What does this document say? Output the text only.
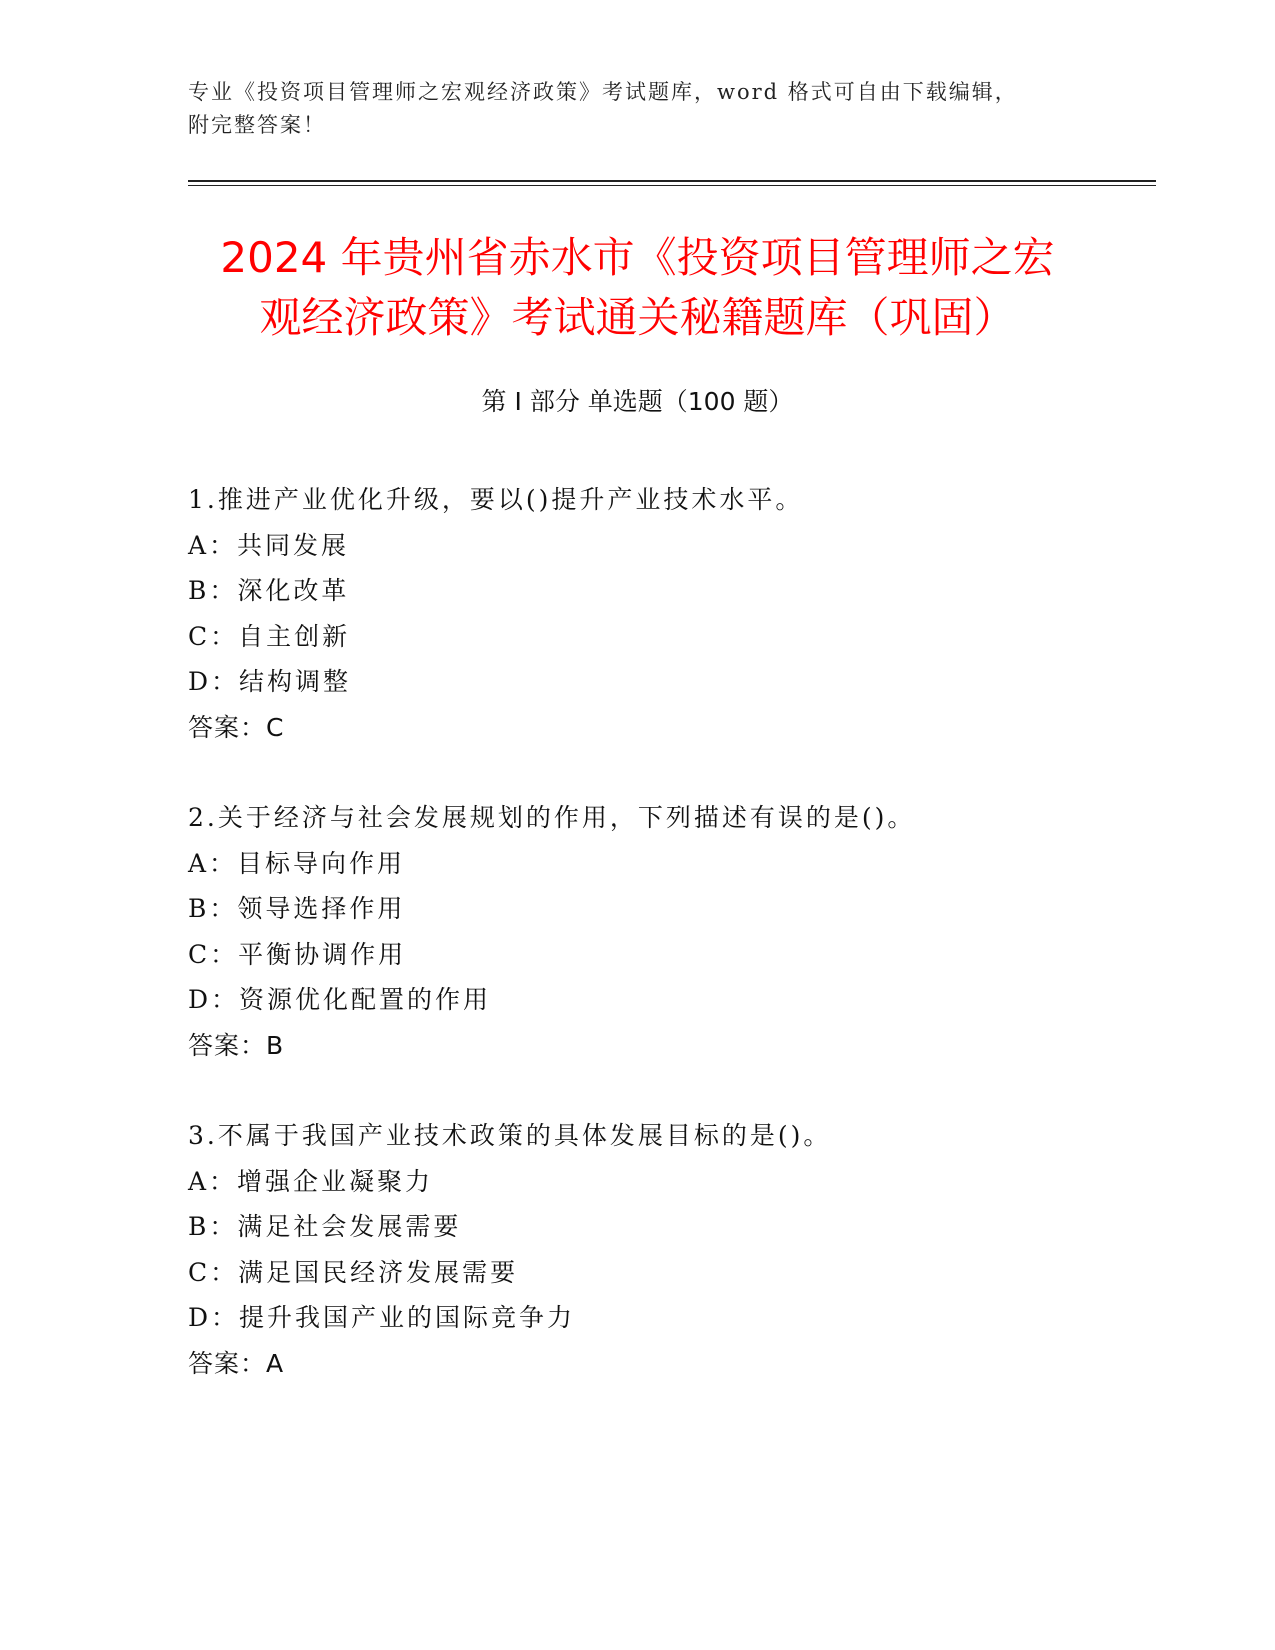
专业《投资项目管理师之宏观经济政策》考试题库，word 格式可自由下载编辑，
附完整答案！
2024 年贵州省赤水市《投资项目管理师之宏
观经济政策》考试通关秘籍题库（巩固）
第 I 部分 单选题（100 题）
1.推进产业优化升级，要以()提升产业技术水平。
A：共同发展
B：深化改革
C：自主创新
D：结构调整
答案：C
2.关于经济与社会发展规划的作用，下列描述有误的是()。
A：目标导向作用
B：领导选择作用
C：平衡协调作用
D：资源优化配置的作用
答案：B
3.不属于我国产业技术政策的具体发展目标的是()。
A：增强企业凝聚力
B：满足社会发展需要
C：满足国民经济发展需要
D：提升我国产业的国际竞争力
答案：A
